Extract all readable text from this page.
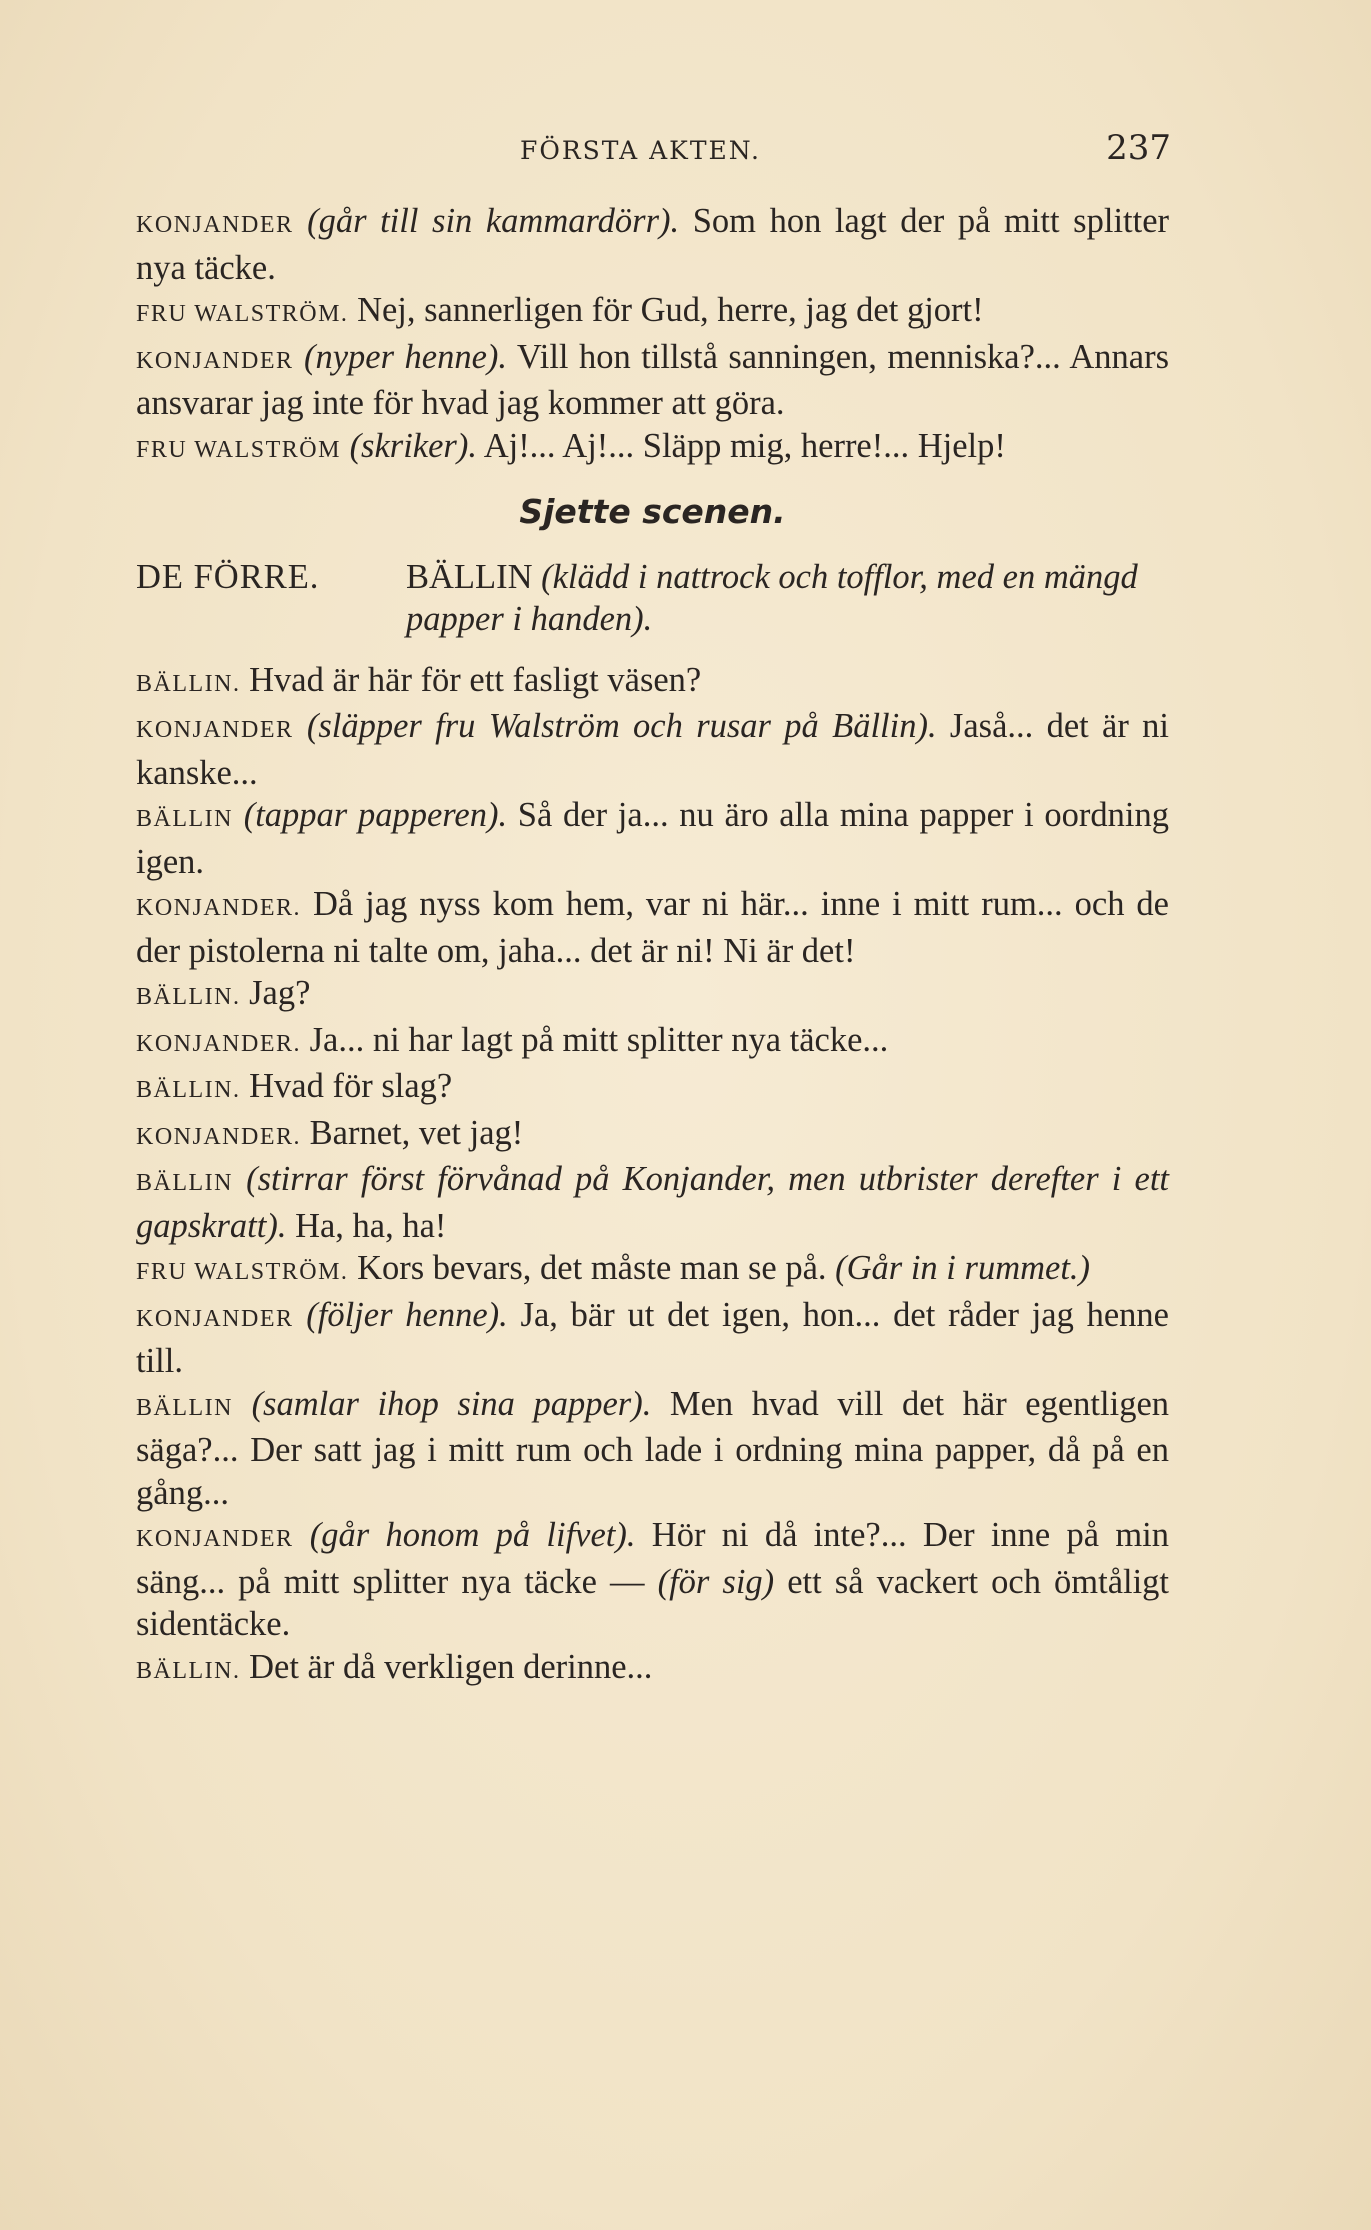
FÖRSTA AKTEN.	237

KONJANDER (går till sin kammardörr). Som hon lagt der på mitt splitter nya täcke.

FRU WALSTRÖM. Nej, sannerligen för Gud, herre, jag det gjort!

KONJANDER (nyper henne). Vill hon tillstå sanningen, menniska?... Annars ansvarar jag inte för hvad jag kommer att göra.

FRU WALSTRÖM (skriker). Aj!... Aj!... Släpp mig, herre!... Hjelp!

Sjette scenen.
DE FÖRRE.	BÄLLIN (klädd i nattrock och tofflor, med en mängd papper i handen).

BÄLLIN. Hvad är här för ett fasligt väsen?

KONJANDER (släpper fru Walström och rusar på Bällin). Jaså... det är ni kanske...

BÄLLIN (tappar papperen). Så der ja... nu äro alla mina papper i oordning igen.

KONJANDER. Då jag nyss kom hem, var ni här... inne i mitt rum... och de der pistolerna ni talte om, jaha... det är ni! Ni är det!

BÄLLIN. Jag?

KONJANDER. Ja... ni har lagt på mitt splitter nya täcke...

BÄLLIN. Hvad för slag?

KONJANDER. Barnet, vet jag!

BÄLLIN (stirrar först förvånad på Konjander, men utbrister derefter i ett gapskratt). Ha, ha, ha!

FRU WALSTRÖM. Kors bevars, det måste man se på. (Går in i rummet.)

KONJANDER (följer henne). Ja, bär ut det igen, hon... det råder jag henne till.

BÄLLIN (samlar ihop sina papper). Men hvad vill det här egentligen säga?... Der satt jag i mitt rum och lade i ordning mina papper, då på en gång...

KONJANDER (går honom på lifvet). Hör ni då inte?... Der inne på min säng... på mitt splitter nya täcke — (för sig) ett så vackert och ömtåligt sidentäcke.

BÄLLIN. Det är då verkligen derinne...
